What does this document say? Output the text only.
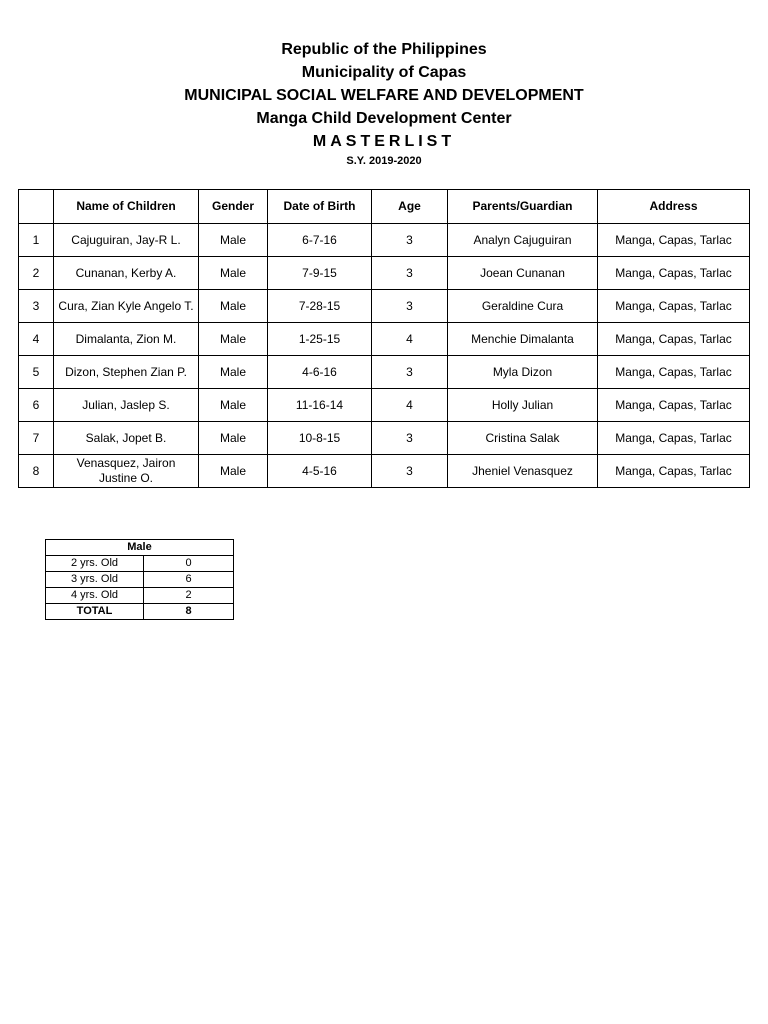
Republic of the Philippines

Municipality of Capas

MUNICIPAL SOCIAL WELFARE AND DEVELOPMENT

Manga Child Development Center

MASTERLIST

S.Y. 2019-2020

	Name of Children	Gender	Date of Birth	Age	Parents/Guardian	Address
1	Cajuguiran, Jay-R L.	Male	6-7-16	3	Analyn Cajuguiran	Manga, Capas, Tarlac
2	Cunanan, Kerby A.	Male	7-9-15	3	Joean Cunanan	Manga, Capas, Tarlac
3	Cura, Zian Kyle Angelo T.	Male	7-28-15	3	Geraldine Cura	Manga, Capas, Tarlac
4	Dimalanta, Zion M.	Male	1-25-15	4	Menchie Dimalanta	Manga, Capas, Tarlac
5	Dizon, Stephen Zian P.	Male	4-6-16	3	Myla Dizon	Manga, Capas, Tarlac
6	Julian, Jaslep S.	Male	11-16-14	4	Holly Julian	Manga, Capas, Tarlac
7	Salak, Jopet B.	Male	10-8-15	3	Cristina Salak	Manga, Capas, Tarlac
8	Venasquez, Jairon Justine O.	Male	4-5-16	3	Jheniel Venasquez	Manga, Capas, Tarlac
Male	
2 yrs. Old	0
3 yrs. Old	6
4 yrs. Old	2
TOTAL	8
